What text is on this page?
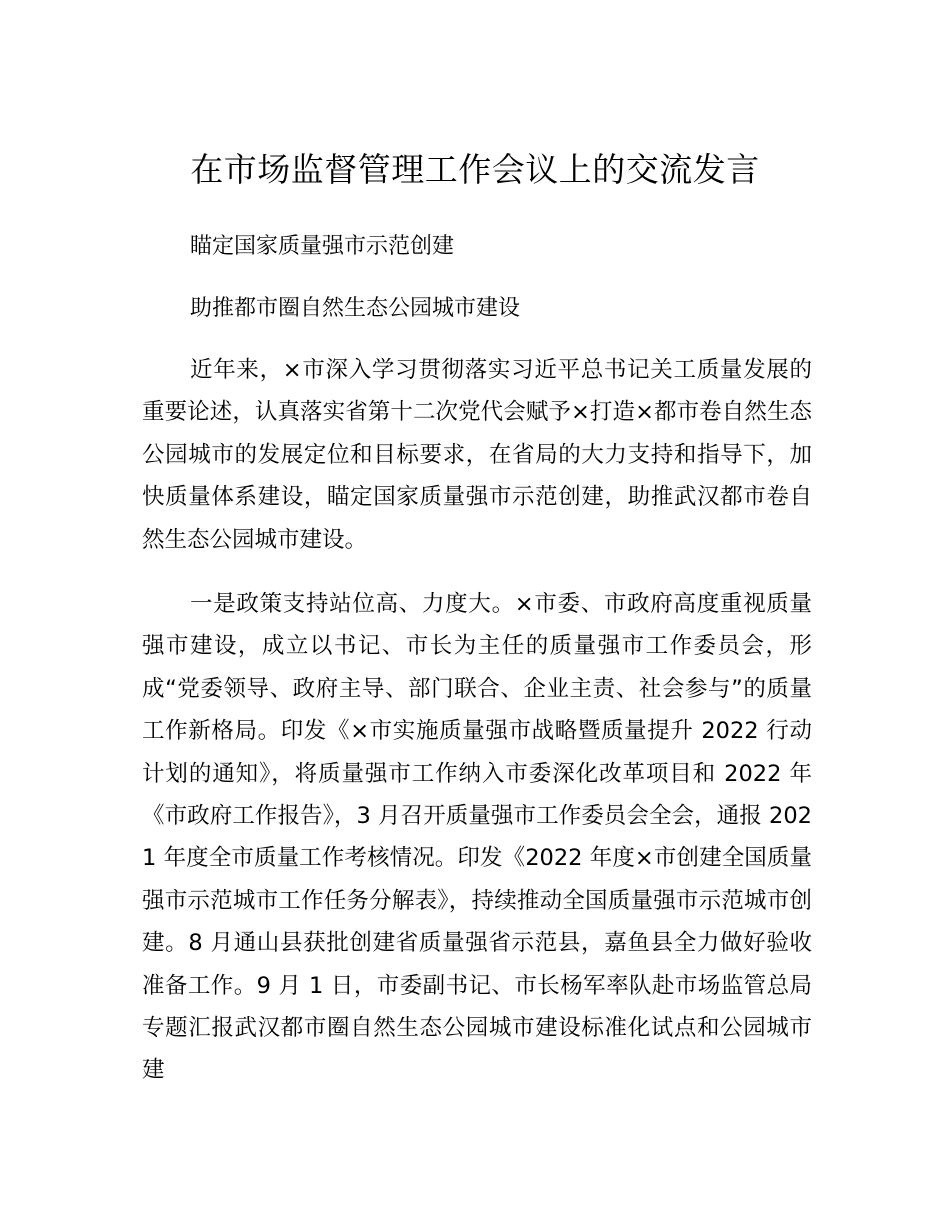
在市场监督管理工作会议上的交流发言

瞄定国家质量强市示范创建

助推都市圈自然生态公园城市建设

近年来，×市深入学习贯彻落实习近平总书记关工质量发展的重要论述，认真落实省第十二次党代会赋予×打造×都市卷自然生态公园城市的发展定位和目标要求，在省局的大力支持和指导下，加快质量体系建设，瞄定国家质量强市示范创建，助推武汉都市卷自然生态公园城市建设。

一是政策支持站位高、力度大。×市委、市政府高度重视质量强市建设，成立以书记、市长为主任的质量强市工作委员会，形成“党委领导、政府主导、部门联合、企业主责、社会参与”的质量工作新格局。印发《×市实施质量强市战略暨质量提升 2022 行动计划的通知》，将质量强市工作纳入市委深化改革项目和 2022 年《市政府工作报告》，3 月召开质量强市工作委员会全会，通报 2021 年度全市质量工作考核情况。印发《2022 年度×市创建全国质量强市示范城市工作任务分解表》，持续推动全国质量强市示范城市创建。8 月通山县获批创建省质量强省示范县，嘉鱼县全力做好验收准备工作。9 月 1 日，市委副书记、市长杨军率队赴市场监管总局专题汇报武汉都市圈自然生态公园城市建设标准化试点和公园城市建
